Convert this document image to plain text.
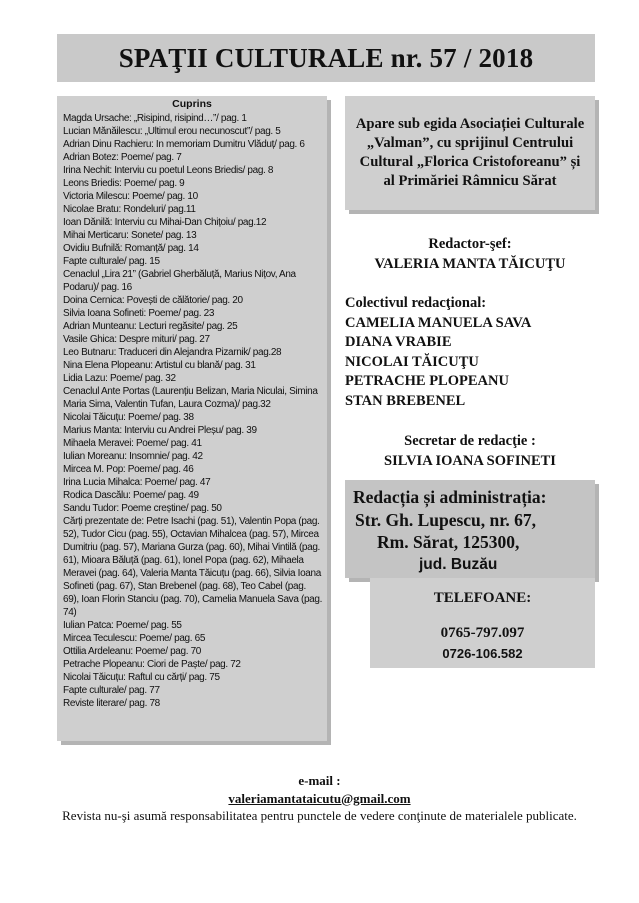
SPAŢII CULTURALE nr. 57 / 2018
Cuprins
Magda Ursache: „Risipind, risipind…”/ pag. 1
Lucian Mănăilescu: „Ultimul erou necunoscut”/ pag. 5
Adrian Dinu Rachieru: In memoriam Dumitru Vlăduț/ pag. 6
Adrian Botez: Poeme/ pag. 7
Irina Nechit: Interviu cu poetul Leons Briedis/ pag. 8
Leons Briedis: Poeme/ pag. 9
Victoria Milescu: Poeme/ pag. 10
Nicolae Bratu: Rondeluri/ pag.11
Ioan Dănilă: Interviu cu Mihai-Dan Chițoiu/ pag.12
Mihai Merticaru: Sonete/ pag. 13
Ovidiu Bufnilă: Romanță/ pag. 14
Fapte culturale/ pag. 15
Cenaclul „Lira 21” (Gabriel Gherbăluță, Marius Nițov, Ana Podaru)/ pag. 16
Doina Cernica: Povești de călătorie/ pag. 20
Silvia Ioana Sofineti: Poeme/ pag. 23
Adrian Munteanu: Lecturi regăsite/ pag. 25
Vasile Ghica: Despre mituri/ pag. 27
Leo Butnaru: Traduceri din Alejandra Pizarnik/ pag.28
Nina Elena Plopeanu: Artistul cu blană/ pag. 31
Lidia Lazu: Poeme/ pag. 32
Cenaclul Ante Portas (Laurențiu Belizan, Maria Niculai, Simina Maria Sima, Valentin Tufan, Laura Cozma)/ pag.32
Nicolai Tăicuțu: Poeme/ pag. 38
Marius Manta: Interviu cu Andrei Pleșu/ pag. 39
Mihaela Meravei: Poeme/ pag. 41
Iulian Moreanu: Insomnie/ pag. 42
Mircea M. Pop: Poeme/ pag. 46
Irina Lucia Mihalca: Poeme/ pag. 47
Rodica Dascălu: Poeme/ pag. 49
Sandu Tudor: Poeme creștine/ pag. 50
Cărți prezentate de: Petre Isachi (pag. 51), Valentin Popa (pag. 52), Tudor Cicu (pag. 55), Octavian Mihalcea (pag. 57), Mircea Dumitriu (pag. 57), Mariana Gurza (pag. 60), Mihai Vintilă (pag. 61), Mioara Băluță (pag. 61), Ionel Popa (pag. 62), Mihaela Meravei (pag. 64), Valeria Manta Tăicuțu (pag. 66), Silvia Ioana Sofineti (pag. 67), Stan Brebenel (pag. 68), Teo Cabel (pag. 69), Ioan Florin Stanciu (pag. 70), Camelia Manuela Sava (pag. 74)
Iulian Patca: Poeme/ pag. 55
Mircea Teculescu: Poeme/ pag. 65
Ottilia Ardeleanu: Poeme/ pag. 70
Petrache Plopeanu: Ciori de Paște/ pag. 72
Nicolai Tăicuțu: Raftul cu cărți/ pag. 75
Fapte culturale/ pag. 77
Reviste literare/ pag. 78
Apare sub egida Asociației Culturale „Valman”, cu sprijinul Centrului Cultural „Florica Cristoforeanu” și al Primăriei Râmnicu Sărat
Redactor-şef:
VALERIA MANTA TĂICUŢU
Colectivul redacţional:
CAMELIA MANUELA SAVA
DIANA VRABIE
NICOLAI TĂICUŢU
PETRACHE PLOPEANU
STAN BREBENEL
Secretar de redacţie :
SILVIA IOANA SOFINETI
Redacția și administrația:
Str. Gh. Lupescu, nr. 67,
Rm. Sărat, 125300,
jud. Buzău
TELEFOANE:
0765-797.097
0726-106.582
e-mail :
valeriamantataicutu@gmail.com
Revista nu-şi asumă responsabilitatea pentru punctele de vedere conţinute de materialele publicate.
